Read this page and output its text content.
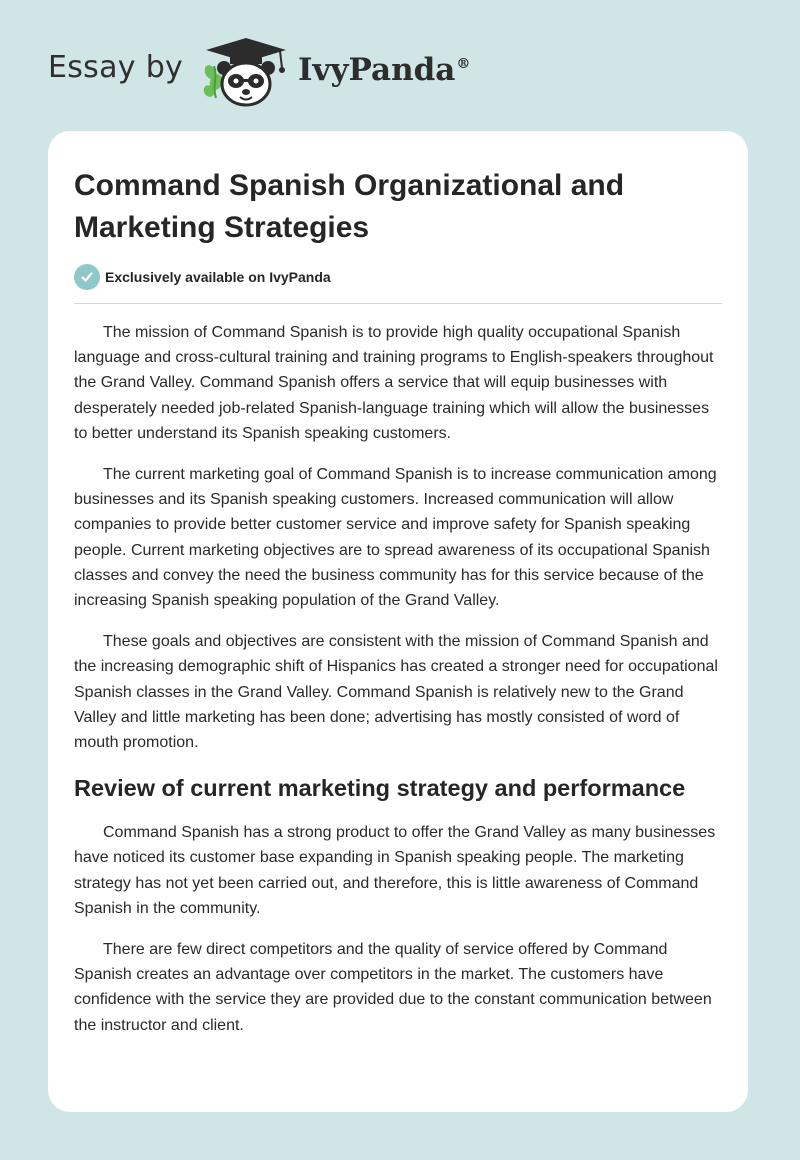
Essay by	IvyPanda®
Command Spanish Organizational and Marketing Strategies
Exclusively available on IvyPanda

The mission of Command Spanish is to provide high quality occupational Spanish language and cross-cultural training and training programs to English-speakers throughout the Grand Valley. Command Spanish offers a service that will equip businesses with desperately needed job-related Spanish-language training which will allow the businesses to better understand its Spanish speaking customers.

The current marketing goal of Command Spanish is to increase communication among businesses and its Spanish speaking customers. Increased communication will allow companies to provide better customer service and improve safety for Spanish speaking people. Current marketing objectives are to spread awareness of its occupational Spanish classes and convey the need the business community has for this service because of the increasing Spanish speaking population of the Grand Valley.

These goals and objectives are consistent with the mission of Command Spanish and the increasing demographic shift of Hispanics has created a stronger need for occupational Spanish classes in the Grand Valley. Command Spanish is relatively new to the Grand Valley and little marketing has been done; advertising has mostly consisted of word of mouth promotion.

Review of current marketing strategy and performance

Command Spanish has a strong product to offer the Grand Valley as many businesses have noticed its customer base expanding in Spanish speaking people. The marketing strategy has not yet been carried out, and therefore, this is little awareness of Command Spanish in the community.

There are few direct competitors and the quality of service offered by Command Spanish creates an advantage over competitors in the market. The customers have confidence with the service they are provided due to the constant communication between the instructor and client.
